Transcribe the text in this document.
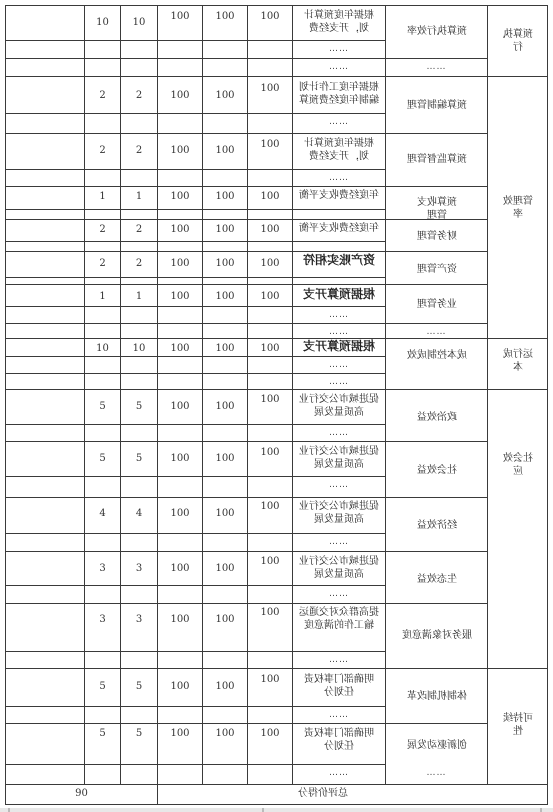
预算执行
管理效率
运行成本
社会效应
可持续性
预算执行效率
预算编制管理
预算监督管理
预算收支管理
财务管理
资产管理
业务管理
成本控制成效
政治效益
社会效益
经济效益
生态效益
服务对象满意度
体制机制改革
创新驱动发展
根据年度预算计划，开支经费
根据年度工作计划编制年度经费预算
根据年度预算计划，开支经费
年度经费收支平衡
年度经费收支平衡
资产账实相符
根据预算开支
根据预算开支
促进城市公交行业高质量发展
促进城市公交行业高质量发展
促进城市公交行业高质量发展
促进城市公交行业高质量发展
提高群众对交通运输工作的满意度
明确部门事权责任划分
明确部门事权责任划分
……
……
……
……
……
……
……
……
……
……
……
……
……
……
……
……
……
……
100
100
100
10
10
100
100
100
2
2
100
100
100
2
2
100
100
100
1
1
100
100
100
2
2
100
100
100
2
2
100
100
100
1
1
100
100
100
10
10
100
100
100
5
5
100
100
100
5
5
100
100
100
4
4
100
100
100
3
3
100
100
100
3
3
100
100
100
5
5
100
100
100
5
5
总评价得分
90
